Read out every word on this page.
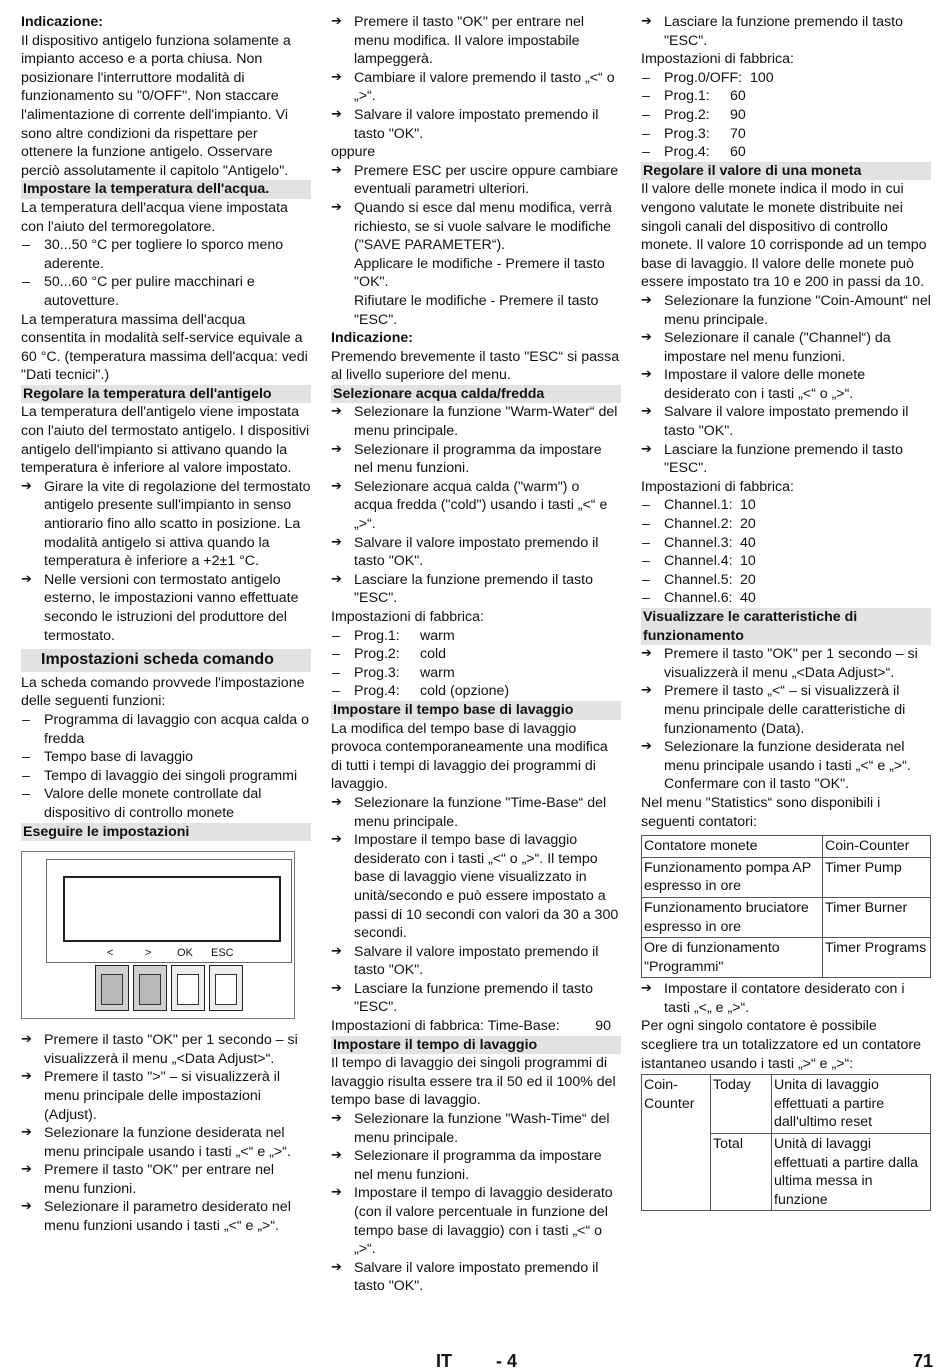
Indicazione:

Il dispositivo antigelo funziona solamente a impianto acceso e a porta chiusa. Non posizionare l'interruttore modalità di funzionamento su "0/OFF". Non staccare l'alimentazione di corrente dell'impianto. Vi sono altre condizioni da rispettare per ottenere la funzione antigelo. Osservare perciò assolutamente il capitolo "Antigelo".

Impostare la temperatura dell'acqua.

La temperatura dell'acqua viene impostata con l'aiuto del termoregolatore.

– 30...50 °C per togliere lo sporco meno aderente.
– 50...60 °C per pulire macchinari e autovetture.

La temperatura massima dell'acqua consentita in modalità self-service equivale a 60 °C. (temperatura massima dell'acqua: vedi "Dati tecnici".)

Regolare la temperatura dell'antigelo

La temperatura dell'antigelo viene impostata con l'aiuto del termostato antigelo. I dispositivi antigelo dell'impianto si attivano quando la temperatura è inferiore al valore impostato.

➔ Girare la vite di regolazione del termostato antigelo presente sull'impianto in senso antiorario fino allo scatto in posizione. La modalità antigelo si attiva quando la temperatura è inferiore a +2±1 °C.
➔ Nelle versioni con termostato antigelo esterno, le impostazioni vanno effettuate secondo le istruzioni del produttore del termostato.

Impostazioni scheda comando

La scheda comando provvede l'impostazione delle seguenti funzioni:

– Programma di lavaggio con acqua calda o fredda
– Tempo base di lavaggio
– Tempo di lavaggio dei singoli programmi
– Valore delle monete controllate dal dispositivo di controllo monete

Eseguire le impostazioni

<	> OK ESC
➔ Premere il tasto "OK" per 1 secondo – si visualizzerà il menu „<Data Adjust>“.
➔ Premere il tasto ">" – si visualizzerà il menu principale delle impostazioni (Adjust).
➔ Selezionare la funzione desiderata nel menu principale usando i tasti „<“ e „>“.
➔ Premere il tasto "OK" per entrare nel menu funzioni.
➔ Selezionare il parametro desiderato nel menu funzioni usando i tasti „<“ e „>“.
➔ Premere il tasto "OK" per entrare nel menu modifica. Il valore impostabile lampeggerà.
➔ Cambiare il valore premendo il tasto „<“ o „>“.
➔ Salvare il valore impostato premendo il tasto "OK".

oppure

➔ Premere ESC per uscire oppure cambiare eventuali parametri ulteriori.
➔ Quando si esce dal menu modifica, verrà richiesto, se si vuole salvare le modifiche ("SAVE PARAMETER“).

Applicare le modifiche - Premere il tasto "OK".

Rifiutare le modifiche - Premere il tasto "ESC".

Indicazione:

Premendo brevemente il tasto "ESC“ si passa al livello superiore del menu.

Selezionare acqua calda/fredda

➔ Selezionare la funzione "Warm-Water“ del menu principale.
➔ Selezionare il programma da impostare nel menu funzioni.
➔ Selezionare acqua calda ("warm") o acqua fredda ("cold") usando i tasti „<“ e „>“.
➔ Salvare il valore impostato premendo il tasto "OK".
➔ Lasciare la funzione premendo il tasto "ESC".

Impostazioni di fabbrica:

– Prog.1:	warm
– Prog.2:	cold
– Prog.3:	warm
– Prog.4:	cold (opzione)

Impostare il tempo base di lavaggio

La modifica del tempo base di lavaggio provoca contemporaneamente una modifica di tutti i tempi di lavaggio dei programmi di lavaggio.

➔ Selezionare la funzione "Time-Base“ del menu principale.
➔ Impostare il tempo base di lavaggio desiderato con i tasti „<“ o „>“. Il tempo base di lavaggio viene visualizzato in unità/secondo e può essere impostato a passi di 10 secondi con valori da 30 a 300 secondi.
➔ Salvare il valore impostato premendo il tasto "OK".
➔ Lasciare la funzione premendo il tasto "ESC".
Impostazioni di fabbrica: Time-Base:	90

Impostare il tempo di lavaggio

Il tempo di lavaggio dei singoli programmi di lavaggio risulta essere tra il 50 ed il 100% del tempo base di lavaggio.

➔ Selezionare la funzione "Wash-Time“ del menu principale.
➔ Selezionare il programma da impostare nel menu funzioni.
➔ Impostare il tempo di lavaggio desiderato (con il valore percentuale in funzione del tempo base di lavaggio) con i tasti „<“ o „>“.
➔ Salvare il valore impostato premendo il tasto "OK".
➔ Lasciare la funzione premendo il tasto "ESC".

Impostazioni di fabbrica:

– Prog.0/OFF: 100
– Prog.1:	60
– Prog.2:	90
– Prog.3:	70
– Prog.4:	60

Regolare il valore di una moneta

Il valore delle monete indica il modo in cui vengono valutate le monete distribuite nei singoli canali del dispositivo di controllo monete. Il valore 10 corrisponde ad un tempo base di lavaggio. Il valore delle monete può essere impostato tra 10 e 200 in passi da 10.

➔ Selezionare la funzione "Coin-Amount“ nel menu principale.
➔ Selezionare il canale ("Channel“) da impostare nel menu funzioni.
➔ Impostare il valore delle monete desiderato con i tasti „<“ o „>“.
➔ Salvare il valore impostato premendo il tasto "OK".
➔ Lasciare la funzione premendo il tasto "ESC".

Impostazioni di fabbrica:

– Channel.1: 10
– Channel.2: 20
– Channel.3: 40
– Channel.4: 10
– Channel.5: 20
– Channel.6: 40

Visualizzare le caratteristiche di funzionamento

➔ Premere il tasto "OK" per 1 secondo – si visualizzerà il menu „<Data Adjust>“.
➔ Premere il tasto „<“ – si visualizzerà il menu principale delle caratteristiche di funzionamento (Data).
➔ Selezionare la funzione desiderata nel menu principale usando i tasti „<“ e „>“. Confermare con il tasto "OK".

Nel menu "Statistics“ sono disponibili i seguenti contatori:

Contatore monete	Coin-Counter
Funzionamento pompa AP espresso in ore	Timer Pump
Funzionamento bruciatore espresso in ore	Timer Burner
Ore di funzionamento "Programmi"	Timer Programs
➔ Impostare il contatore desiderato con i tasti „<„ e „>“.

Per ogni singolo contatore è possibile scegliere tra un totalizzatore ed un contatore istantaneo usando i tasti „>“ e „>“:

Coin-Counter	Today	Unita di lavaggio effettuati a partire dall'ultimo reset
	Total	Unità di lavaggi effettuati a partire dalla ultima messa in funzione
IT - 4	71
